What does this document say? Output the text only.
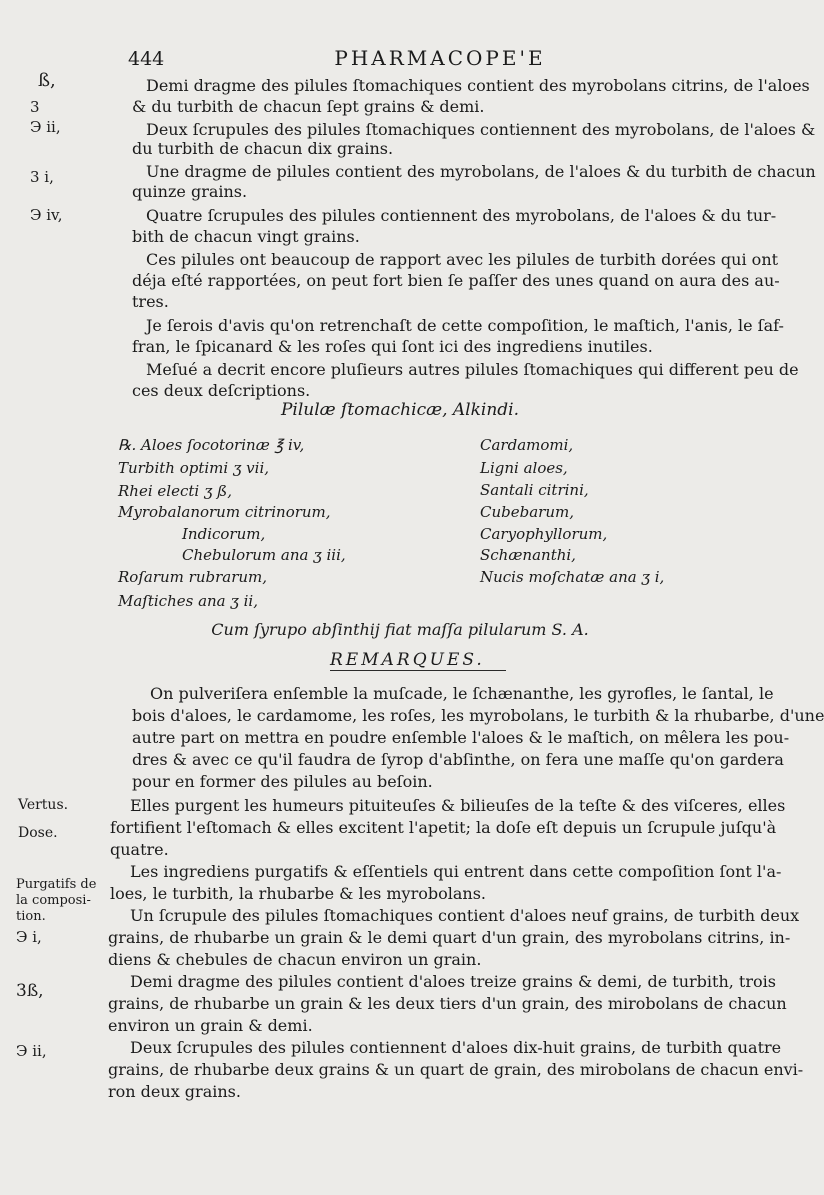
444	PHARMACOPE'E
ß,
3
Э ii,
3 i,
Э iv,
Vertus.
Dose.
Purgatifs de
la composi-
tion.
Э i,
3ß,
Э ii,
Demi dragme des pilules ſtomachiques contient des myrobolans citrins, de l'aloes
& du turbith de chacun ſept grains & demi.
Deux ſcrupules des pilules ſtomachiques contiennent des myrobolans, de l'aloes &
du turbith de chacun dix grains.
Une dragme de pilules contient des myrobolans, de l'aloes & du turbith de chacun
quinze grains.
Quatre ſcrupules des pilules contiennent des myrobolans, de l'aloes & du tur-
bith de chacun vingt grains.
Ces pilules ont beaucoup de rapport avec les pilules de turbith dorées qui ont
déja eſté rapportées, on peut fort bien ſe paſſer des unes quand on aura des au-
tres.
Je ſerois d'avis qu'on retrenchaſt de cette compoſition, le maſtich, l'anis, le ſaf-
fran, le ſpicanard & les roſes qui ſont ici des ingrediens inutiles.
Meſué a decrit encore pluſieurs autres pilules ſtomachiques qui different peu de
ces deux deſcriptions.
Pilulæ ſtomachicæ, Alkindi.
℞. Aloes ſocotorinæ ℥ iv,
Turbith optimi ʒ vii,
Rhei electi ʒ ß,
Myrobalanorum citrinorum,
Indicorum,
Chebulorum ana ʒ iii,
Roſarum rubrarum,
Maſtiches ana ʒ ii,
Cardamomi,
Ligni aloes,
Santali citrini,
Cubebarum,
Caryophyllorum,
Schænanthi,
Nucis moſchatæ ana ʒ i,
Cum ſyrupo abſinthij fiat maſſa pilularum S. A.
REMARQUES.
On pulveriſera enſemble la muſcade, le ſchænanthe, les gyrofles, le ſantal, le
bois d'aloes, le cardamome, les roſes, les myrobolans, le turbith & la rhubarbe, d'une
autre part on mettra en poudre enſemble l'aloes & le maſtich, on mêlera les pou-
dres & avec ce qu'il faudra de ſyrop d'abſinthe, on fera une maſſe qu'on gardera
pour en former des pilules au beſoin.
Elles purgent les humeurs pituiteuſes & bilieuſes de la teſte & des viſceres, elles
fortifient l'eſtomach & elles excitent l'apetit; la doſe eſt depuis un ſcrupule juſqu'à
quatre.
Les ingrediens purgatifs & eſſentiels qui entrent dans cette compoſition ſont l'a-
loes, le turbith, la rhubarbe & les myrobolans.
Un ſcrupule des pilules ſtomachiques contient d'aloes neuf grains, de turbith deux
grains, de rhubarbe un grain & le demi quart d'un grain, des myrobolans citrins, in-
diens & chebules de chacun environ un grain.
Demi dragme des pilules contient d'aloes treize grains & demi, de turbith, trois
grains, de rhubarbe un grain & les deux tiers d'un grain, des mirobolans de chacun
environ un grain & demi.
Deux ſcrupules des pilules contiennent d'aloes dix-huit grains, de turbith quatre
grains, de rhubarbe deux grains & un quart de grain, des mirobolans de chacun envi-
ron deux grains.
